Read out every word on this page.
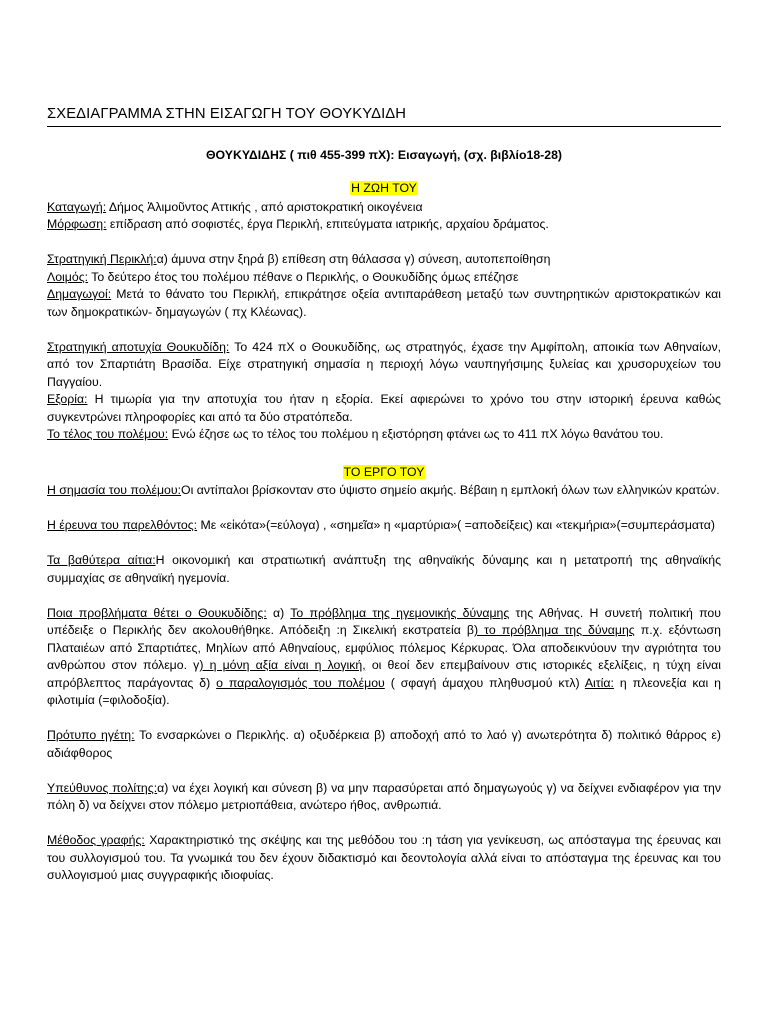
ΣΧΕΔΙΑΓΡΑΜΜΑ ΣΤΗΝ ΕΙΣΑΓΩΓΗ ΤΟΥ ΘΟΥΚΥΔΙΔΗ
ΘΟΥΚΥΔΙΔΗΣ ( πιθ 455-399 πΧ): Εισαγωγή, (σχ. βιβλίο18-28)
Η ΖΩΗ ΤΟΥ

Καταγωγή: Δήμος Ἁλιμοῦντος Αττικής , από αριστοκρατική οικογένεια

Μόρφωση: επίδραση από σοφιστές, έργα Περικλή, επιτεύγματα ιατρικής, αρχαίου δράματος.

Στρατηγική Περικλή:α) άμυνα στην ξηρά β) επίθεση στη θάλασσα γ) σύνεση, αυτοπεποίθηση

Λοιμός: Το δεύτερο έτος του πολέμου πέθανε ο Περικλής, ο Θουκυδίδης όμως επέζησε

Δημαγωγοί: Μετά το θάνατο του Περικλή, επικράτησε οξεία αντιπαράθεση μεταξύ των συντηρητικών αριστοκρατικών και των δημοκρατικών- δημαγωγών ( πχ Κλέωνας).

Στρατηγική αποτυχία Θουκυδίδη: Το 424 πΧ ο Θουκυδίδης, ως στρατηγός, έχασε την Αμφίπολη, αποικία των Αθηναίων, από τον Σπαρτιάτη Βρασίδα. Είχε στρατηγική σημασία η περιοχή λόγω ναυπηγήσιμης ξυλείας και χρυσορυχείων του Παγγαίου.

Εξορία: Η τιμωρία για την αποτυχία του ήταν η εξορία. Εκεί αφιερώνει το χρόνο του στην ιστορική έρευνα καθώς συγκεντρώνει πληροφορίες και από τα δύο στρατόπεδα.

Το τέλος του πολέμου: Ενώ έζησε ως το τέλος του πολέμου η εξιστόρηση φτάνει ως το 411 πΧ λόγω θανάτου του.

ΤΟ ΕΡΓΟ ΤΟΥ

Η σημασία του πολέμου:Οι αντίπαλοι βρίσκονταν στο ύψιστο σημείο ακμής. Βέβαιη η εμπλοκή όλων των ελληνικών κρατών.

Η έρευνα του παρελθόντος: Με «εἰκότα»(=εύλογα) , «σημεῖα» η «μαρτύρια»( =αποδείξεις) και «τεκμήρια»(=συμπεράσματα)

Τα βαθύτερα αίτια:Η οικονομική και στρατιωτική ανάπτυξη της αθηναϊκής δύναμης και η μετατροπή της αθηναϊκής συμμαχίας σε αθηναϊκή ηγεμονία.

Ποια προβλήματα θέτει ο Θουκυδίδης: α) Το πρόβλημα της ηγεμονικής δύναμης της Αθήνας. Η συνετή πολιτική που υπέδειξε ο Περικλής δεν ακολουθήθηκε. Απόδειξη :η Σικελική εκστρατεία β) το πρόβλημα της δύναμης π.χ. εξόντωση Πλαταιέων από Σπαρτιάτες, Μηλίων από Αθηναίους, εμφύλιος πόλεμος Κέρκυρας. Όλα αποδεικνύουν την αγριότητα του ανθρώπου στον πόλεμο. γ) η μόνη αξία είναι η λογική, οι θεοί δεν επεμβαίνουν στις ιστορικές εξελίξεις, η τύχη είναι απρόβλεπτος παράγοντας δ) ο παραλογισμός του πολέμου ( σφαγή άμαχου πληθυσμού κτλ) Αιτία: η πλεονεξία και η φιλοτιμία (=φιλοδοξία).

Πρότυπο ηγέτη: Το ενσαρκώνει ο Περικλής. α) οξυδέρκεια β) αποδοχή από το λαό γ) ανωτερότητα δ) πολιτικό θάρρος ε) αδιάφθορος

Υπεύθυνος πολίτης:α) να έχει λογική και σύνεση β) να μην παρασύρεται από δημαγωγούς γ) να δείχνει ενδιαφέρον για την πόλη δ) να δείχνει στον πόλεμο μετριοπάθεια, ανώτερο ήθος, ανθρωπιά.

Μέθοδος γραφής: Χαρακτηριστικό της σκέψης και της μεθόδου του :η τάση για γενίκευση, ως απόσταγμα της έρευνας και του συλλογισμού του. Τα γνωμικά του δεν έχουν διδακτισμό και δεοντολογία αλλά είναι το απόσταγμα της έρευνας και του συλλογισμού μιας συγγραφικής ιδιοφυίας.
